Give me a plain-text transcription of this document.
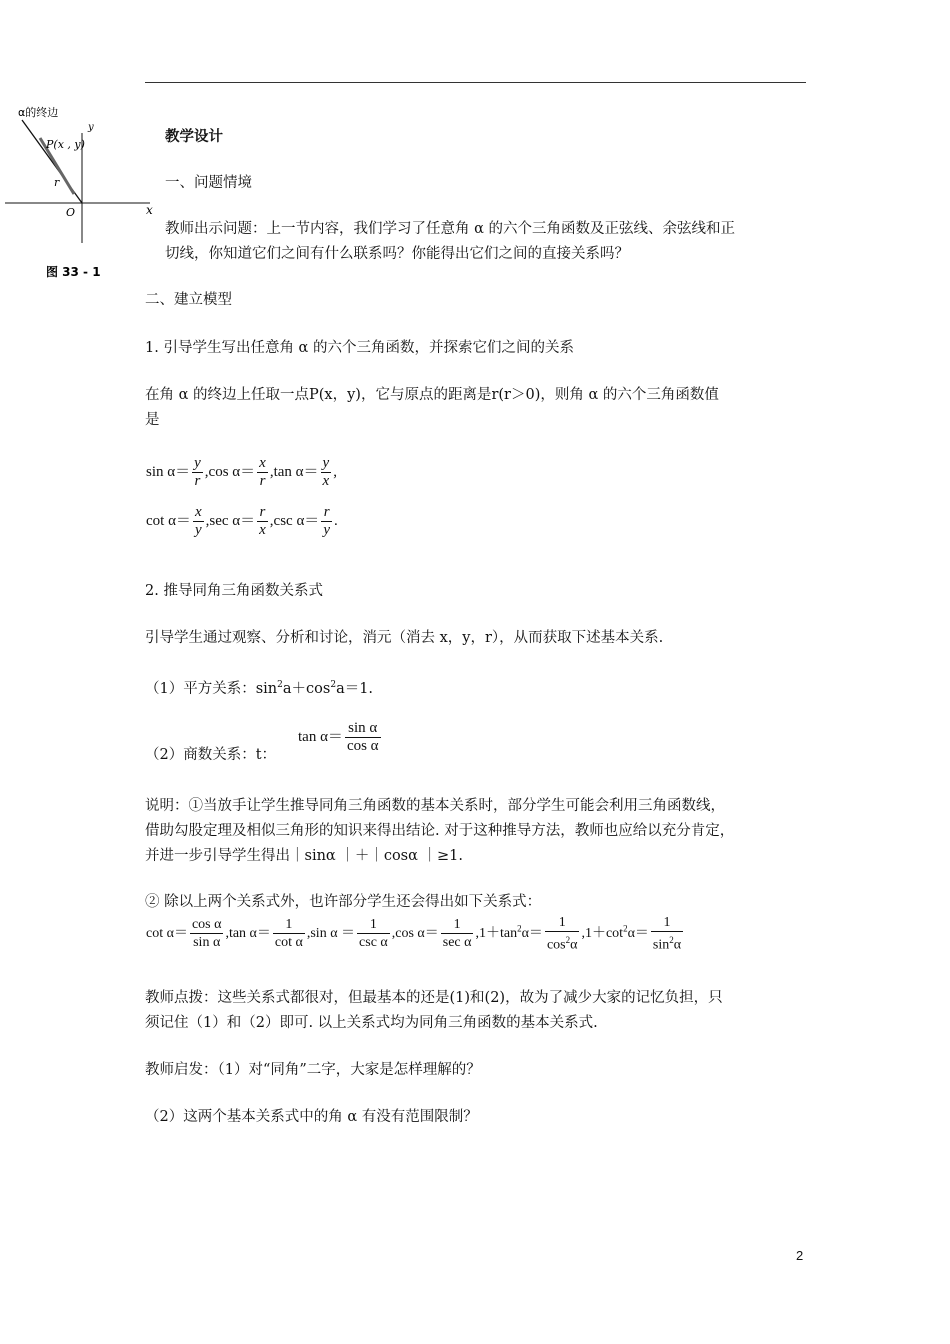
α的终边
P(x , y)
y
x
O
r
图 33 - 1
教学设计
一、问题情境
教师出示问题：上一节内容，我们学习了任意角 α 的六个三角函数及正弦线、余弦线和正
切线，你知道它们之间有什么联系吗？你能得出它们之间的直接关系吗？
二、建立模型
1. 引导学生写出任意角 α 的六个三角函数，并探索它们之间的关系
在角 α 的终边上任取一点P(x，y)，它与原点的距离是r(r＞0)，则角 α 的六个三角函数值
是
$\sin \alpha= \frac{y}{r} ,\cos$ $\alpha= \frac{x}{r} ,\tan$ $\alpha= \frac{y}{x}$ ,
$\cot \alpha= \frac{x}{y} ,\sec$ $\alpha= \frac{r}{x} ,\csc$ $\alpha= \frac{r}{y}$ .
2. 推导同角三角函数关系式
引导学生通过观察、分析和讨论，消元（消去 x，y，r），从而获取下述基本关系.
（1）平方关系：$\sin^2a+\cos^2a=1$.
（2）商数关系：t：
$\tan \alpha= \frac{\text{sin α}}{\text{cos α}}$
说明：①当放手让学生推导同角三角函数的基本关系时，部分学生可能会利用三角函数线，
借助勾股定理及相似三角形的知识来得出结论. 对于这种推导方法，教师也应给以充分肯定，
并进一步引导学生得出｜sinα ｜＋｜cosα ｜≥1.
② 除以上两个关系式外，也许部分学生还会得出如下关系式：
$\cot \alpha= \frac{\text{cos α}}{\text{sin α}} ,\tan$ $\alpha= \frac{1}{\text{cot α}} ,\sin$ $\alpha = \frac{1}{\text{csc α}} ,\cos$ $\alpha= \frac{1}{\text{sec α}} ,1+\tan^2\alpha= \frac{1}{\cos^2\alpha} ,1+\cot^2\alpha= \frac{1}{\sin^2\alpha}$
教师点拨：这些关系式都很对，但最基本的还是(1)和(2)，故为了减少大家的记忆负担，只
须记住（1）和（2）即可. 以上关系式均为同角三角函数的基本关系式.
教师启发：（1）对“同角”二字，大家是怎样理解的？
（2）这两个基本关系式中的角 α 有没有范围限制？
2
